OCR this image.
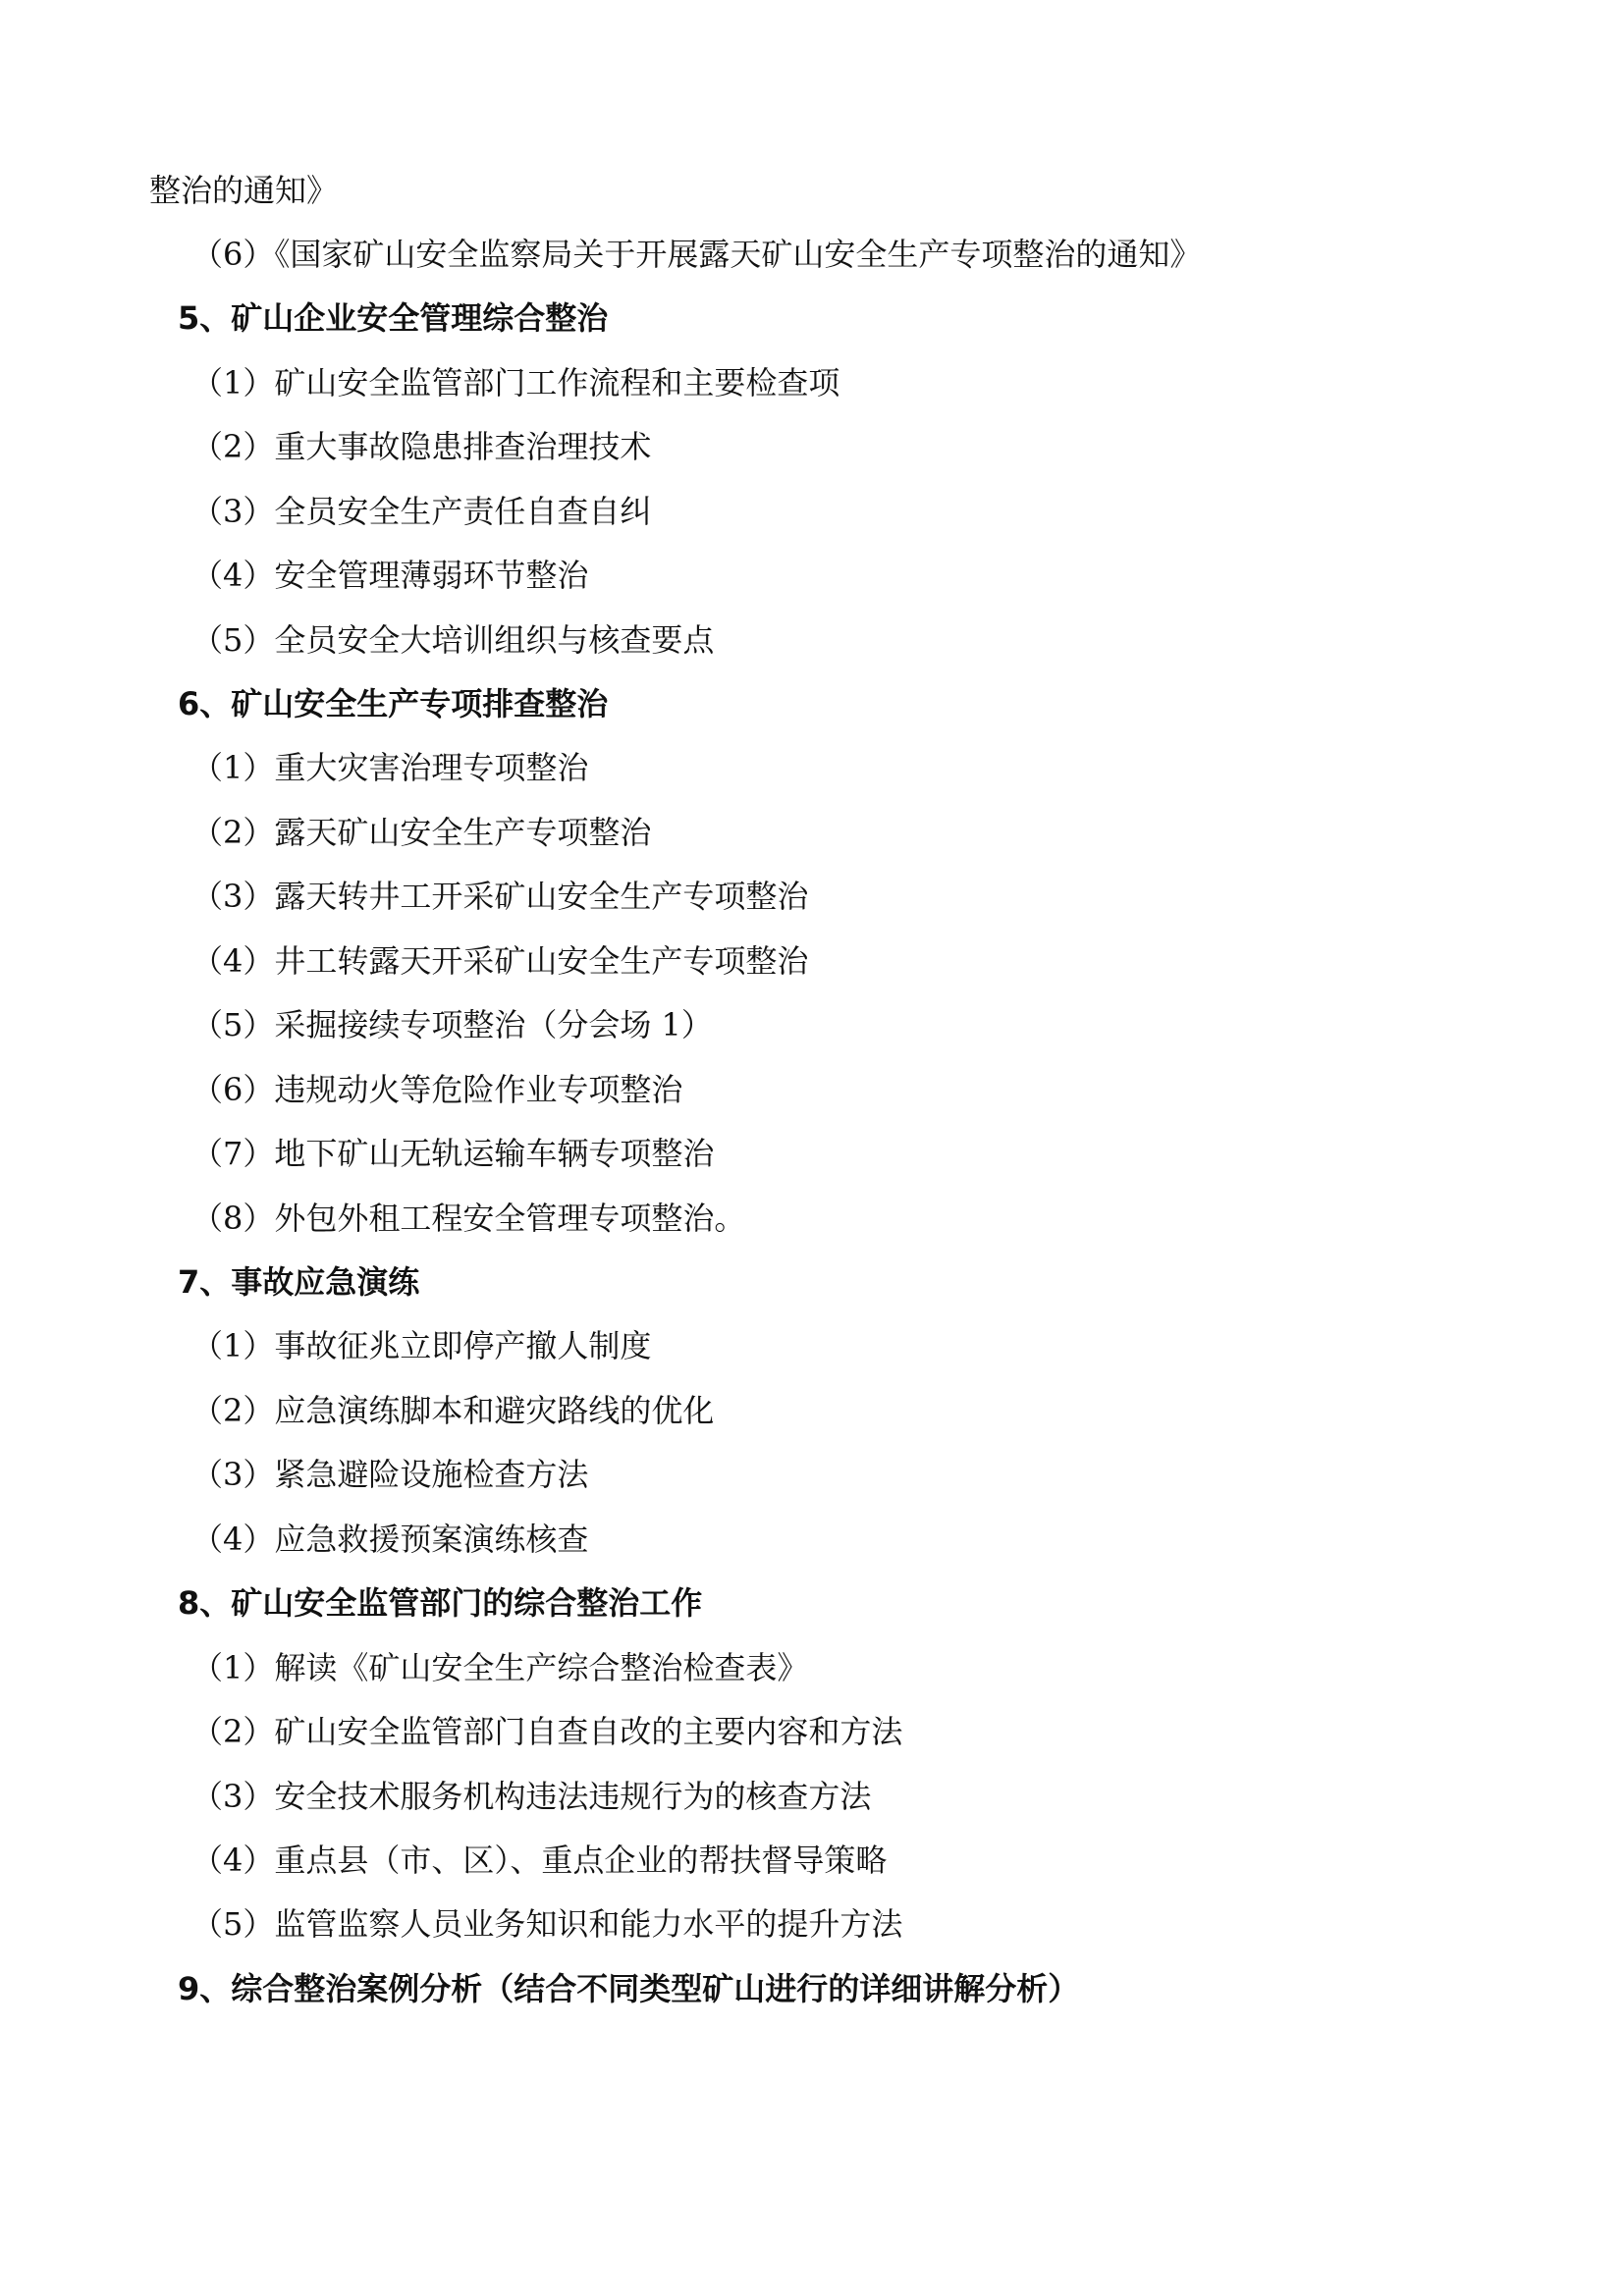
整治的通知》
（6）《国家矿山安全监察局关于开展露天矿山安全生产专项整治的通知》
5、矿山企业安全管理综合整治
（1）矿山安全监管部门工作流程和主要检查项
（2）重大事故隐患排查治理技术
（3）全员安全生产责任自查自纠
（4）安全管理薄弱环节整治
（5）全员安全大培训组织与核查要点
6、矿山安全生产专项排查整治
（1）重大灾害治理专项整治
（2）露天矿山安全生产专项整治
（3）露天转井工开采矿山安全生产专项整治
（4）井工转露天开采矿山安全生产专项整治
（5）采掘接续专项整治（分会场 1）
（6）违规动火等危险作业专项整治
（7）地下矿山无轨运输车辆专项整治
（8）外包外租工程安全管理专项整治。
7、事故应急演练
（1）事故征兆立即停产撤人制度
（2）应急演练脚本和避灾路线的优化
（3）紧急避险设施检查方法
（4）应急救援预案演练核查
8、矿山安全监管部门的综合整治工作
（1）解读《矿山安全生产综合整治检查表》
（2）矿山安全监管部门自查自改的主要内容和方法
（3）安全技术服务机构违法违规行为的核查方法
（4）重点县（市、区）、重点企业的帮扶督导策略
（5）监管监察人员业务知识和能力水平的提升方法
9、综合整治案例分析（结合不同类型矿山进行的详细讲解分析）
